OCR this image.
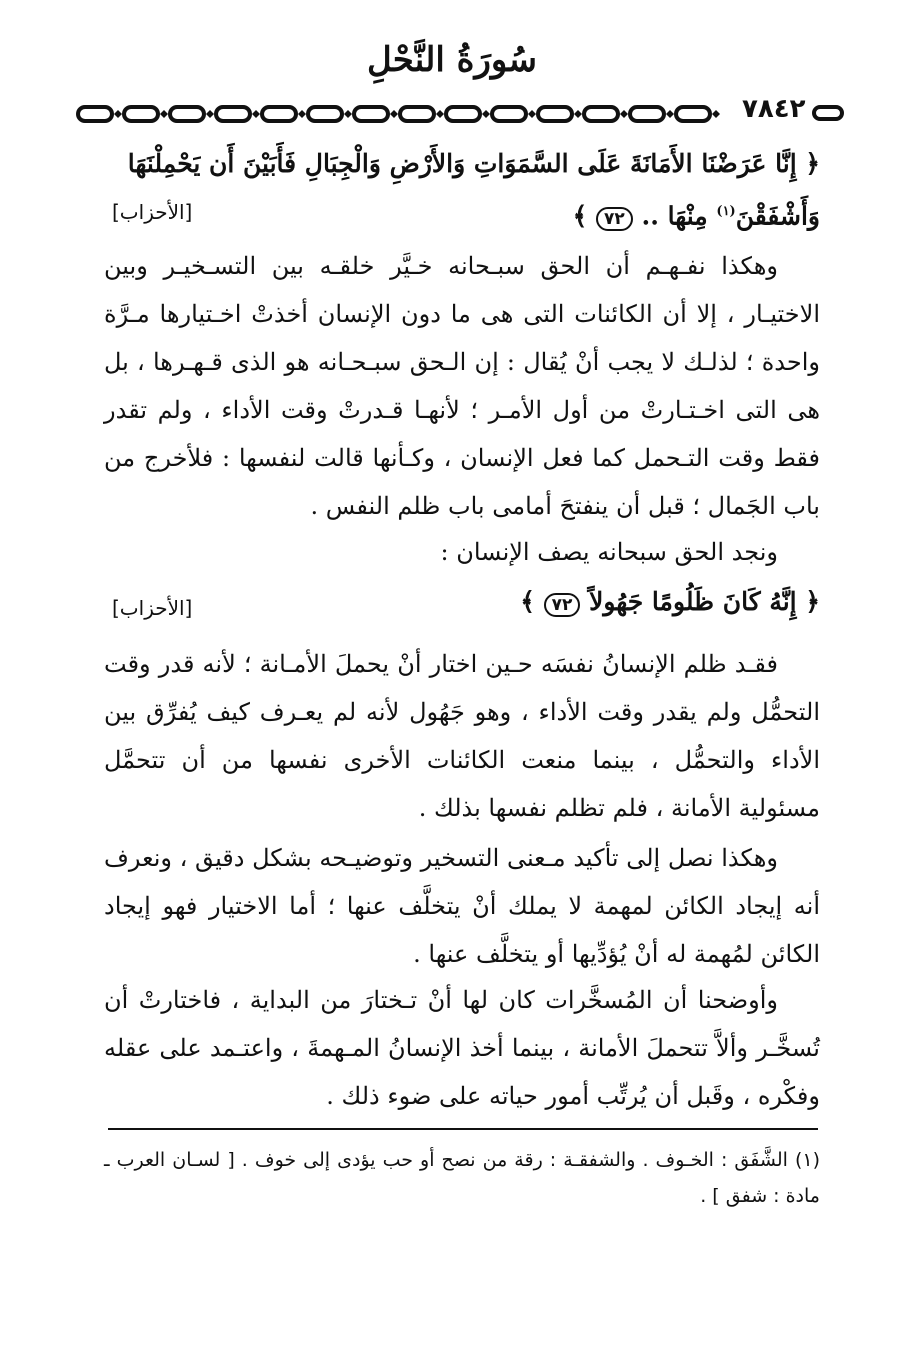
سُورَةُ النَّحْلِ
٧٨٤٢
﴿ إِنَّا عَرَضْنَا الأَمَانَةَ عَلَى السَّمَوَاتِ وَالأَرْضِ وَالْجِبَالِ فَأَبَيْنَ أَن يَحْمِلْنَهَا
وَأَشْفَقْنَ$^{(١)}$ مِنْهَا .. ٧٢ ﴾
[الأحزاب]
وهكذا نفـهـم أن الحق سبـحانه خـيَّر خلقـه بين التسـخيـر وبين الاختيـار ، إلا أن الكائنات التى هى ما دون الإنسان أخذتْ اخـتيارها مـرَّة واحدة ؛ لذلـك لا يجب أنْ يُقال : إن الـحق سبـحـانه هو الذى قـهـرها ، بل هى التى اخـتـارتْ من أول الأمـر ؛ لأنهـا قـدرتْ وقت الأداء ، ولم تقدر فقط وقت التـحمل كما فعل الإنسان ، وكـأنها قالت لنفسها : فلأخرج من باب الجَمال ؛ قبل أن ينفتحَ أمامى باب ظلم النفس .
ونجد الحق سبحانه يصف الإنسان :
﴿ إِنَّهُ كَانَ ظَلُومًا جَهُولاً ٧٢ ﴾
[الأحزاب]
فقـد ظلم الإنسانُ نفسَه حـين اختار أنْ يحملَ الأمـانة ؛ لأنه قدر وقت التحمُّل ولم يقدر وقت الأداء ، وهو جَهُول لأنه لم يعـرف كيف يُفرِّق بين الأداء والتحمُّل ، بينما منعت الكائنات الأخرى نفسها من أن تتحمَّل مسئولية الأمانة ، فلم تظلم نفسها بذلك .
وهكذا نصل إلى تأكيد مـعنى التسخير وتوضيـحه بشكل دقيق ، ونعرف أنه إيجاد الكائن لمهمة لا يملك أنْ يتخلَّف عنها ؛ أما الاختيار فهو إيجاد الكائن لمُهمة له أنْ يُؤدِّيها أو يتخلَّف عنها .
وأوضحنا أن المُسخَّرات كان لها أنْ تـختارَ من البداية ، فاختارتْ أن تُسخَّـر وألاَّ تتحملَ الأمانة ، بينما أخذ الإنسانُ المـهمةَ ، واعتـمد على عقله وفكْره ، وقَبل أن يُرتِّب أمور حياته على ضوء ذلك .
(١) الشَّفَق : الخـوف . والشفقـة : رقة من نصح أو حب يؤدى إلى خوف . [ لسـان العرب ـ مادة : شفق ] .
